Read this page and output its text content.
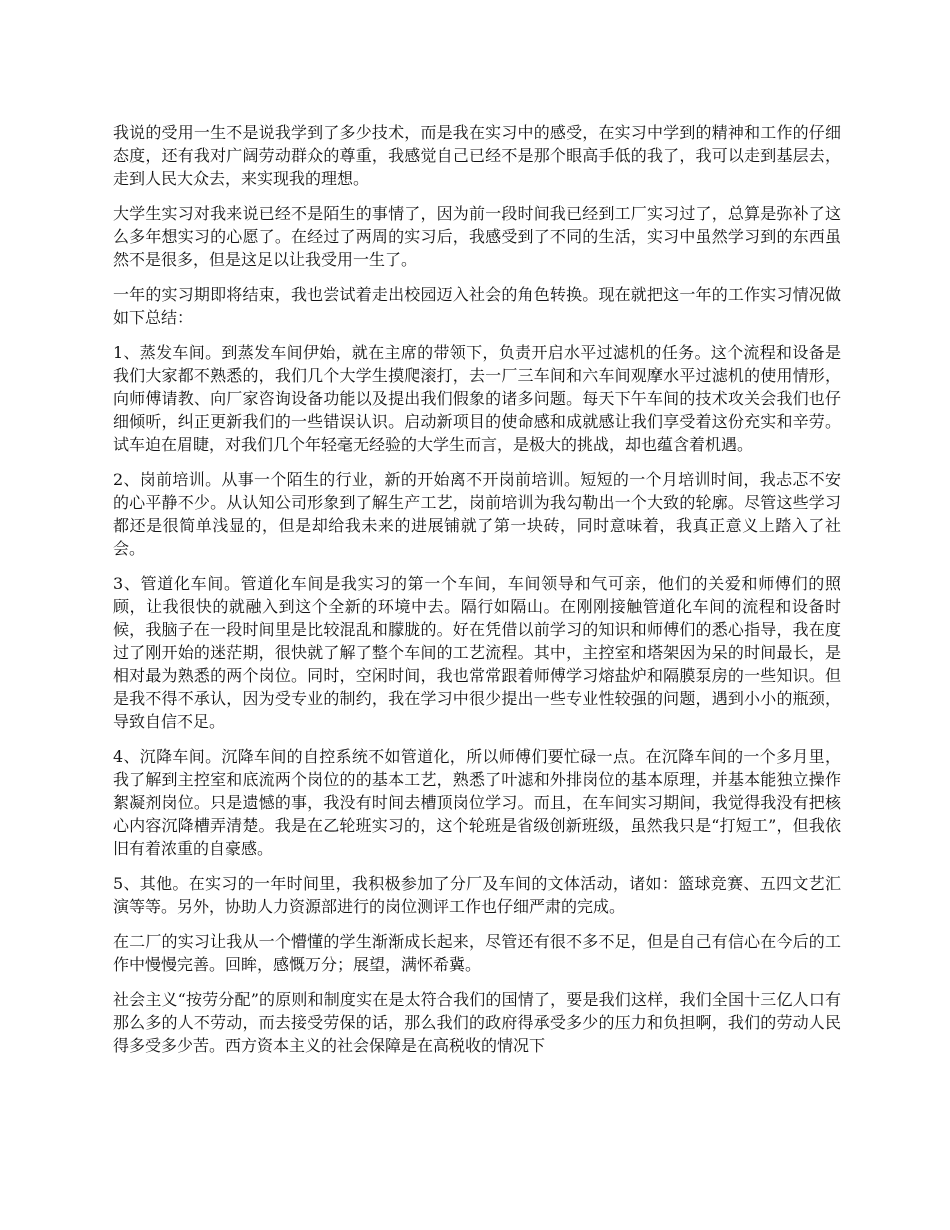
我说的受用一生不是说我学到了多少技术，而是我在实习中的感受，在实习中学到的精神和工作的仔细态度，还有我对广阔劳动群众的尊重，我感觉自己已经不是那个眼高手低的我了，我可以走到基层去，走到人民大众去，来实现我的理想。

大学生实习对我来说已经不是陌生的事情了，因为前一段时间我已经到工厂实习过了，总算是弥补了这么多年想实习的心愿了。在经过了两周的实习后，我感受到了不同的生活，实习中虽然学习到的东西虽然不是很多，但是这足以让我受用一生了。

一年的实习期即将结束，我也尝试着走出校园迈入社会的角色转换。现在就把这一年的工作实习情况做如下总结：

1、蒸发车间。到蒸发车间伊始，就在主席的带领下，负责开启水平过滤机的任务。这个流程和设备是我们大家都不熟悉的，我们几个大学生摸爬滚打，去一厂三车间和六车间观摩水平过滤机的使用情形，向师傅请教、向厂家咨询设备功能以及提出我们假象的诸多问题。每天下午车间的技术攻关会我们也仔细倾听，纠正更新我们的一些错误认识。启动新项目的使命感和成就感让我们享受着这份充实和辛劳。试车迫在眉睫，对我们几个年轻毫无经验的大学生而言，是极大的挑战，却也蕴含着机遇。

2、岗前培训。从事一个陌生的行业，新的开始离不开岗前培训。短短的一个月培训时间，我忐忑不安的心平静不少。从认知公司形象到了解生产工艺，岗前培训为我勾勒出一个大致的轮廓。尽管这些学习都还是很简单浅显的，但是却给我未来的进展铺就了第一块砖，同时意味着，我真正意义上踏入了社会。

3、管道化车间。管道化车间是我实习的第一个车间，车间领导和气可亲，他们的关爱和师傅们的照顾，让我很快的就融入到这个全新的环境中去。隔行如隔山。在刚刚接触管道化车间的流程和设备时候，我脑子在一段时间里是比较混乱和朦胧的。好在凭借以前学习的知识和师傅们的悉心指导，我在度过了刚开始的迷茫期，很快就了解了整个车间的工艺流程。其中，主控室和塔架因为呆的时间最长，是相对最为熟悉的两个岗位。同时，空闲时间，我也常常跟着师傅学习熔盐炉和隔膜泵房的一些知识。但是我不得不承认，因为受专业的制约，我在学习中很少提出一些专业性较强的问题，遇到小小的瓶颈，导致自信不足。

4、沉降车间。沉降车间的自控系统不如管道化，所以师傅们要忙碌一点。在沉降车间的一个多月里，我了解到主控室和底流两个岗位的的基本工艺，熟悉了叶滤和外排岗位的基本原理，并基本能独立操作絮凝剂岗位。只是遗憾的事，我没有时间去槽顶岗位学习。而且，在车间实习期间，我觉得我没有把核心内容沉降槽弄清楚。我是在乙轮班实习的，这个轮班是省级创新班级，虽然我只是“打短工”，但我依旧有着浓重的自豪感。

5、其他。在实习的一年时间里，我积极参加了分厂及车间的文体活动，诸如：篮球竞赛、五四文艺汇演等等。另外，协助人力资源部进行的岗位测评工作也仔细严肃的完成。

在二厂的实习让我从一个懵懂的学生渐渐成长起来，尽管还有很不多不足，但是自己有信心在今后的工作中慢慢完善。回眸，感慨万分；展望，满怀希冀。

社会主义“按劳分配”的原则和制度实在是太符合我们的国情了，要是我们这样，我们全国十三亿人口有那么多的人不劳动，而去接受劳保的话，那么我们的政府得承受多少的压力和负担啊，我们的劳动人民得多受多少苦。西方资本主义的社会保障是在高税收的情况下
